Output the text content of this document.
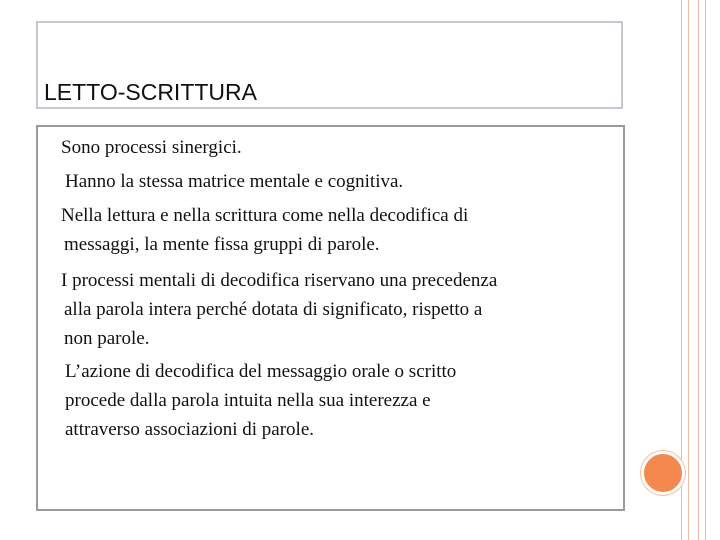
LETTO-SCRITTURA

Sono processi sinergici.

Hanno la stessa matrice mentale e cognitiva.

Nella lettura e nella scrittura come nella decodifica di
messaggi, la mente fissa gruppi di parole.

I processi mentali di decodifica riservano una precedenza
alla parola intera perché dotata di significato, rispetto a
non parole.

L’azione di decodifica del messaggio orale o scritto
procede dalla parola intuita nella sua interezza e
attraverso associazioni di parole.
